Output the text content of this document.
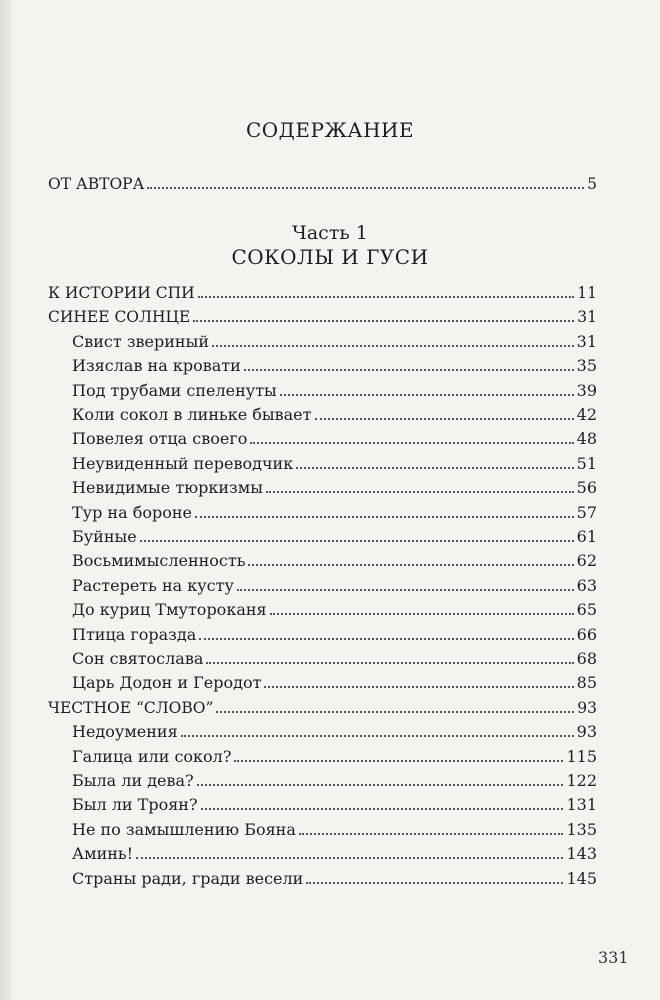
СОДЕРЖАНИЕ
ОТ АВТОРА	5
Часть 1
СОКОЛЫ И ГУСИ
К ИСТОРИИ СПИ	11
СИНЕЕ СОЛНЦЕ	31
Свист звериный	31
Изяслав на кровати	35
Под трубами спеленуты	39
Коли сокол в линьке бывает	42
Повелея отца своего	48
Неувиденный переводчик	51
Невидимые тюркизмы	56
Тур на бороне	57
Буйные	61
Восьмимысленность	62
Растереть на кусту	63
До куриц Тмутороканя	65
Птица горазда	66
Сон святослава	68
Царь Додон и Геродот	85
ЧЕСТНОЕ “СЛОВО”	93
Недоумения	93
Галица или сокол?	115
Была ли дева?	122
Был ли Троян?	131
Не по замышлению Бояна	135
Аминь!	143
Страны ради, гради весели	145
331
